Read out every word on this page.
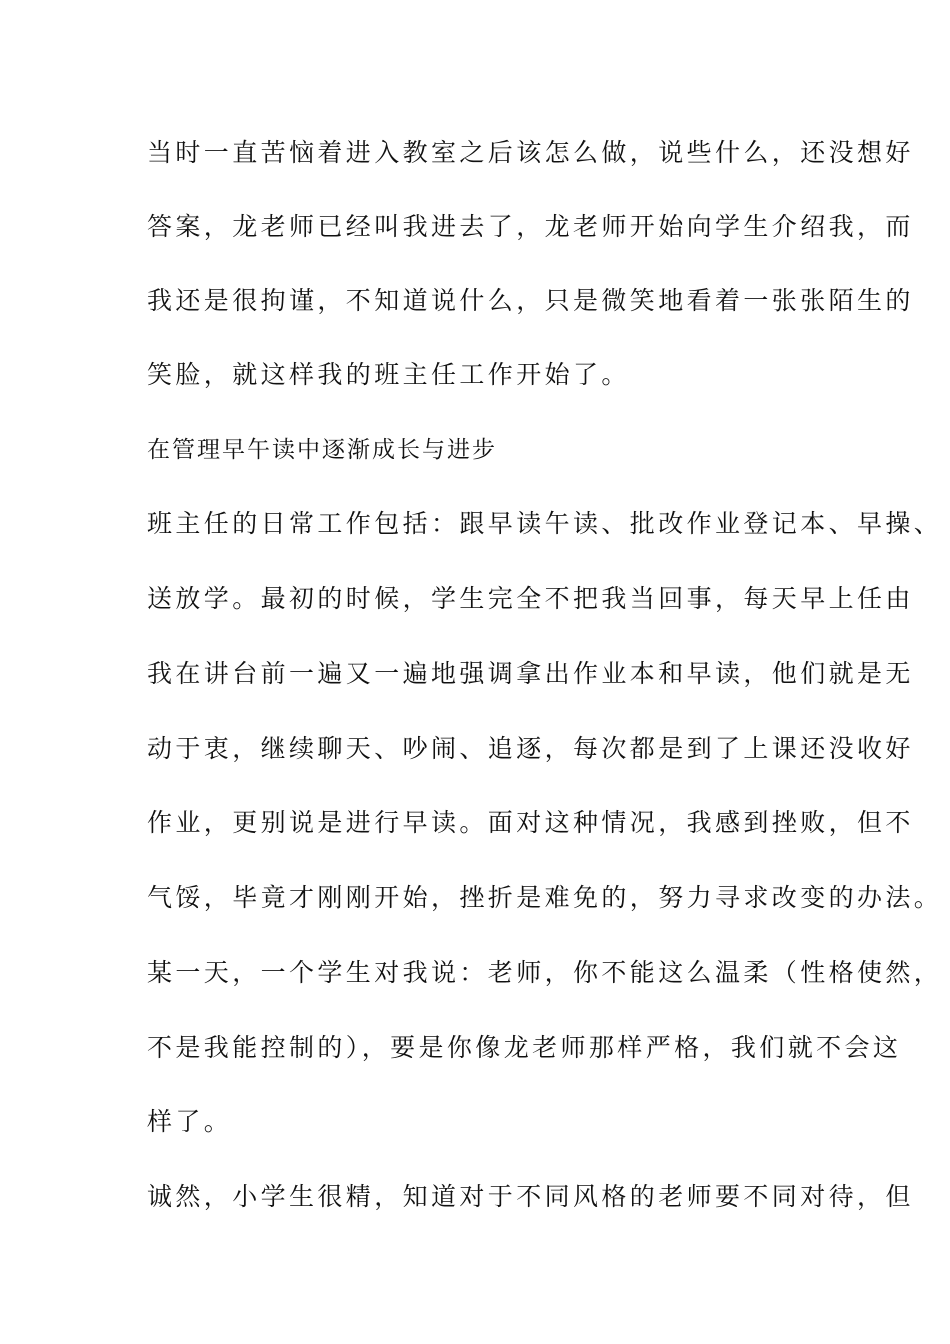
当时一直苦恼着进入教室之后该怎么做，说些什么，还没想好
答案，龙老师已经叫我进去了，龙老师开始向学生介绍我，而
我还是很拘谨，不知道说什么，只是微笑地看着一张张陌生的
笑脸，就这样我的班主任工作开始了。
在管理早午读中逐渐成长与进步
班主任的日常工作包括：跟早读午读、批改作业登记本、早操、
送放学。最初的时候，学生完全不把我当回事，每天早上任由
我在讲台前一遍又一遍地强调拿出作业本和早读，他们就是无
动于衷，继续聊天、吵闹、追逐，每次都是到了上课还没收好
作业，更别说是进行早读。面对这种情况，我感到挫败，但不
气馁，毕竟才刚刚开始，挫折是难免的，努力寻求改变的办法。
某一天，一个学生对我说：老师，你不能这么温柔（性格使然，
不是我能控制的），要是你像龙老师那样严格，我们就不会这
样了。
诚然，小学生很精，知道对于不同风格的老师要不同对待，但
